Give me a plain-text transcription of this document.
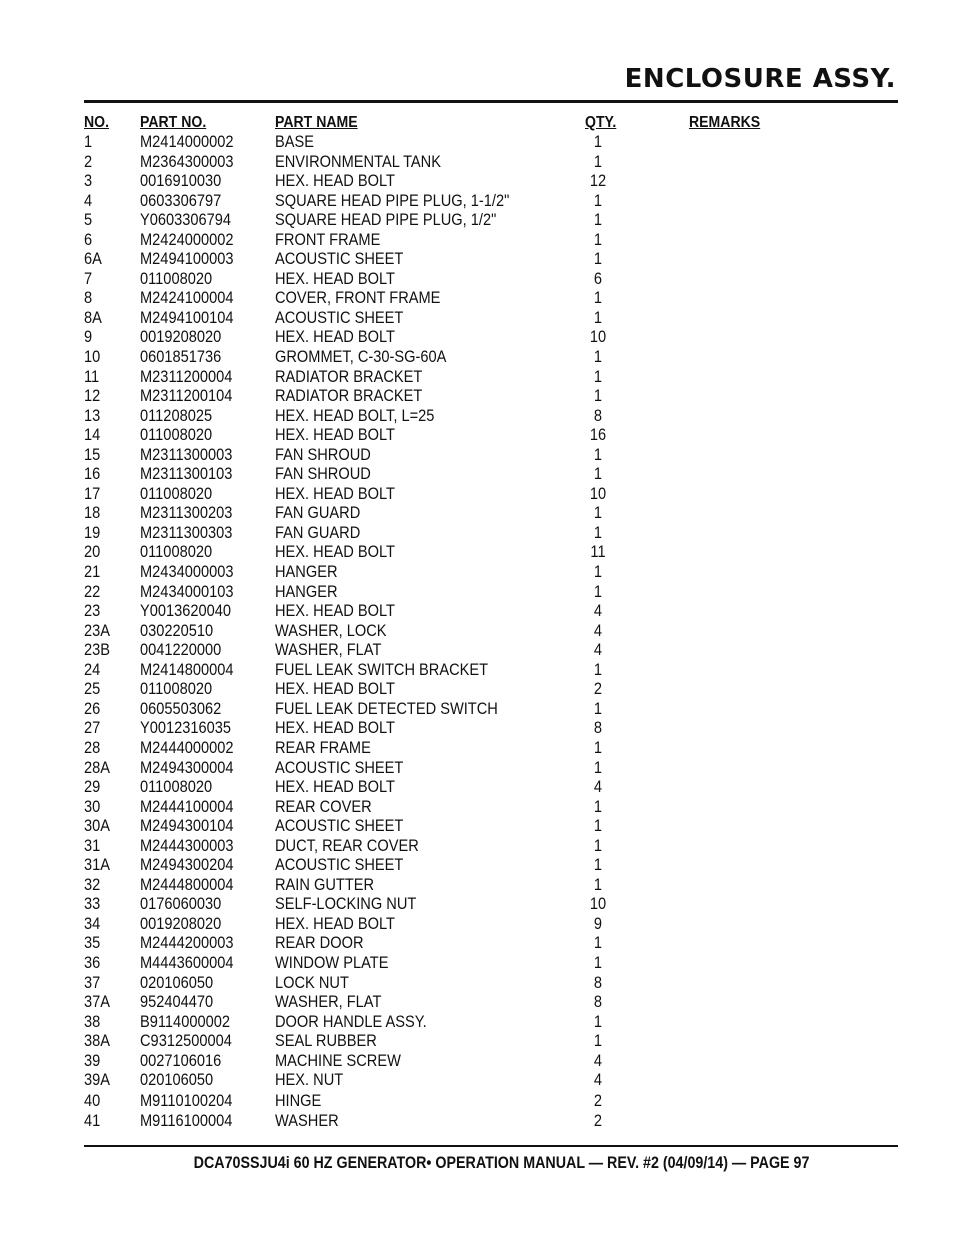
ENCLOSURE ASSY.
NO. PART NO.	PART NAME	QTY.	REMARKS
1	M2414000002 BASE	1
2	M2364300003 ENVIRONMENTAL TANK	1
3	0016910030	HEX. HEAD BOLT	12
4	0603306797	SQUARE HEAD PIPE PLUG, 1-1/2"	1
5	Y0603306794	SQUARE HEAD PIPE PLUG, 1/2"	1
6	M2424000002 FRONT FRAME	1
6A M2494100003 ACOUSTIC SHEET	1
7	011008020	HEX. HEAD BOLT	6
8	M2424100004 COVER, FRONT FRAME	1
8A M2494100104 ACOUSTIC SHEET	1
9	0019208020	HEX. HEAD BOLT	10
10 0601851736	GROMMET, C-30-SG-60A	1
11 M2311200004	RADIATOR BRACKET	1
12 M2311200104	RADIATOR BRACKET	1
13 011208025	HEX. HEAD BOLT, L=25	8
14 011008020	HEX. HEAD BOLT	16
15 M2311300003	FAN SHROUD	1
16 M2311300103	FAN SHROUD	1
17 011008020	HEX. HEAD BOLT	10
18 M2311300203	FAN GUARD	1
19 M2311300303	FAN GUARD	1
20 011008020	HEX. HEAD BOLT	11
21 M2434000003 HANGER	1
22 M2434000103 HANGER	1
23 Y0013620040	HEX. HEAD BOLT	4
23A 030220510	WASHER, LOCK	4
23B 0041220000	WASHER, FLAT	4
24 M2414800004 FUEL LEAK SWITCH BRACKET	1
25 011008020	HEX. HEAD BOLT	2
26 0605503062	FUEL LEAK DETECTED SWITCH	1
27 Y0012316035	HEX. HEAD BOLT	8
28 M2444000002 REAR FRAME	1
28A M2494300004 ACOUSTIC SHEET	1
29 011008020	HEX. HEAD BOLT	4
30 M2444100004 REAR COVER	1
30A M2494300104 ACOUSTIC SHEET	1
31 M2444300003 DUCT, REAR COVER	1
31A M2494300204 ACOUSTIC SHEET	1
32 M2444800004 RAIN GUTTER	1
33 0176060030	SELF-LOCKING NUT	10
34 0019208020	HEX. HEAD BOLT	9
35 M2444200003 REAR DOOR	1
36 M4443600004 WINDOW PLATE	1
37 020106050	LOCK NUT	8
37A 952404470	WASHER, FLAT	8
38 B9114000002	DOOR HANDLE ASSY.	1
38A C9312500004	SEAL RUBBER	1
39 0027106016	MACHINE SCREW	4
39A 020106050	HEX. NUT	4
40 M9110100204	HINGE	2
41 M9116100004	WASHER	2
DCA70SSJU4i 60 HZ GENERATOR• OPERATION MANUAL — REV. #2 (04/09/14) — PAGE 97
